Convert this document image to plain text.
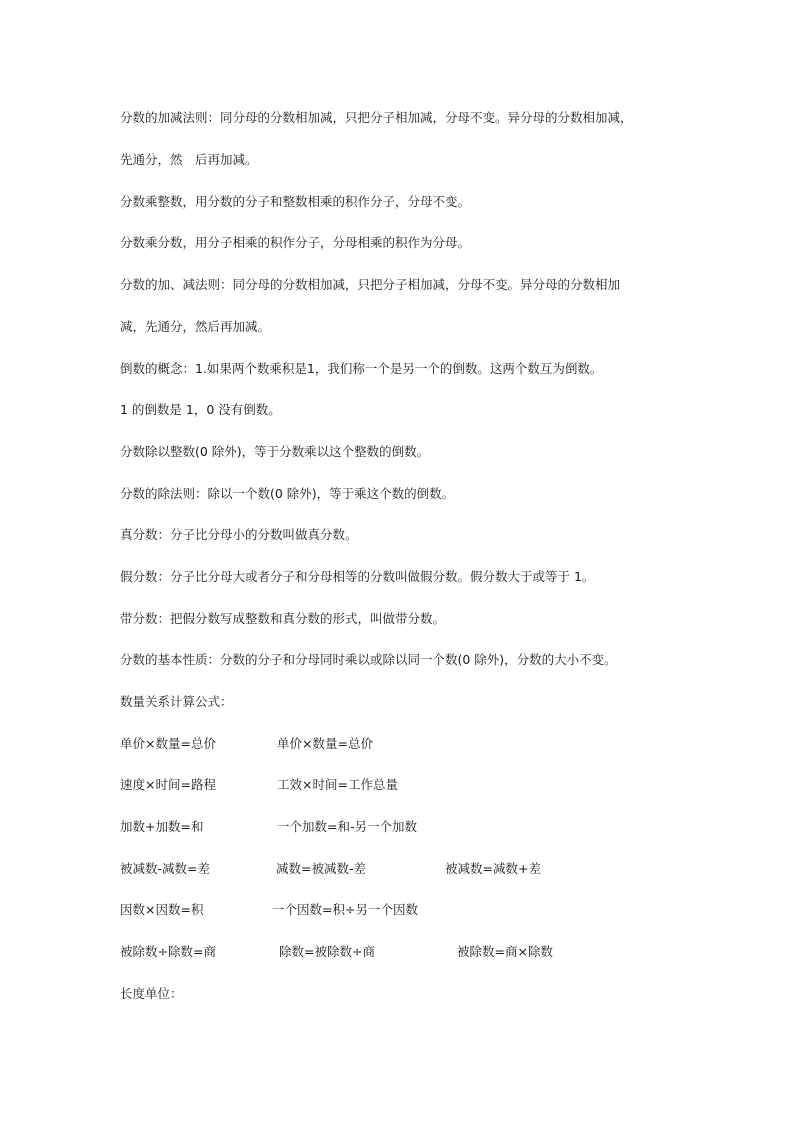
分数的加减法则：同分母的分数相加减，只把分子相加减，分母不变。异分母的分数相加减，
先通分，然　后再加减。
分数乘整数，用分数的分子和整数相乘的积作分子，分母不变。
分数乘分数，用分子相乘的积作分子，分母相乘的积作为分母。
分数的加、减法则：同分母的分数相加减，只把分子相加减，分母不变。异分母的分数相加
减，先通分，然后再加减。
倒数的概念：1.如果两个数乘积是1，我们称一个是另一个的倒数。这两个数互为倒数。
1 的倒数是 1，0 没有倒数。
分数除以整数(0 除外)，等于分数乘以这个整数的倒数。
分数的除法则：除以一个数(0 除外)，等于乘这个数的倒数。
真分数：分子比分母小的分数叫做真分数。
假分数：分子比分母大或者分子和分母相等的分数叫做假分数。假分数大于或等于 1。
带分数：把假分数写成整数和真分数的形式，叫做带分数。
分数的基本性质：分数的分子和分母同时乘以或除以同一个数(0 除外)，分数的大小不变。
数量关系计算公式：
单价×数量=总价	单价×数量=总价
速度×时间=路程	工效×时间=工作总量
加数+加数=和	一个加数=和-另一个加数
被减数-减数=差	减数=被减数-差	被减数=减数+差
因数×因数=积	一个因数=积÷另一个因数
被除数÷除数=商	除数=被除数÷商	被除数=商×除数
长度单位：
